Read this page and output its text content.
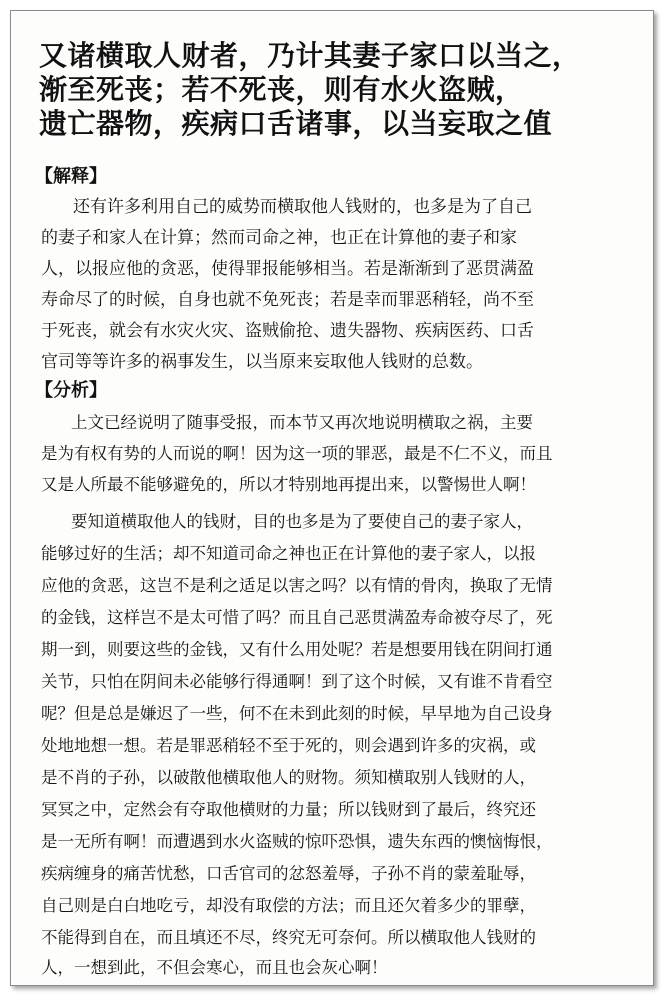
又诸横取人财者，乃计其妻子家口以当之，
渐至死丧；若不死丧，则有水火盗贼，
遗亡器物，疾病口舌诸事，以当妄取之值
【解释】
还有许多利用自己的威势而横取他人钱财的，也多是为了自己
的妻子和家人在计算；然而司命之神，也正在计算他的妻子和家
人，以报应他的贪恶，使得罪报能够相当。若是渐渐到了恶贯满盈
寿命尽了的时候，自身也就不免死丧；若是幸而罪恶稍轻，尚不至
于死丧，就会有水灾火灾、盗贼偷抢、遗失器物、疾病医药、口舌
官司等等许多的祸事发生，以当原来妄取他人钱财的总数。
【分析】
上文已经说明了随事受报，而本节又再次地说明横取之祸，主要
是为有权有势的人而说的啊！因为这一项的罪恶，最是不仁不义，而且
又是人所最不能够避免的，所以才特别地再提出来，以警惕世人啊！
要知道横取他人的钱财，目的也多是为了要使自己的妻子家人，
能够过好的生活；却不知道司命之神也正在计算他的妻子家人，以报
应他的贪恶，这岂不是利之适足以害之吗？以有情的骨肉，换取了无情
的金钱，这样岂不是太可惜了吗？而且自己恶贯满盈寿命被夺尽了，死
期一到，则要这些的金钱，又有什么用处呢？若是想要用钱在阴间打通
关节，只怕在阴间未必能够行得通啊！到了这个时候，又有谁不肯看空
呢？但是总是嫌迟了一些，何不在未到此刻的时候，早早地为自己设身
处地地想一想。若是罪恶稍轻不至于死的，则会遇到许多的灾祸，或
是不肖的子孙，以破散他横取他人的财物。须知横取别人钱财的人，
冥冥之中，定然会有夺取他横财的力量；所以钱财到了最后，终究还
是一无所有啊！而遭遇到水火盗贼的惊吓恐惧，遗失东西的懊恼悔恨，
疾病缠身的痛苦忧愁，口舌官司的忿怒羞辱，子孙不肖的蒙羞耻辱，
自己则是白白地吃亏，却没有取偿的方法；而且还欠着多少的罪孽，
不能得到自在，而且填还不尽，终究无可奈何。所以横取他人钱财的
人，一想到此，不但会寒心，而且也会灰心啊！
